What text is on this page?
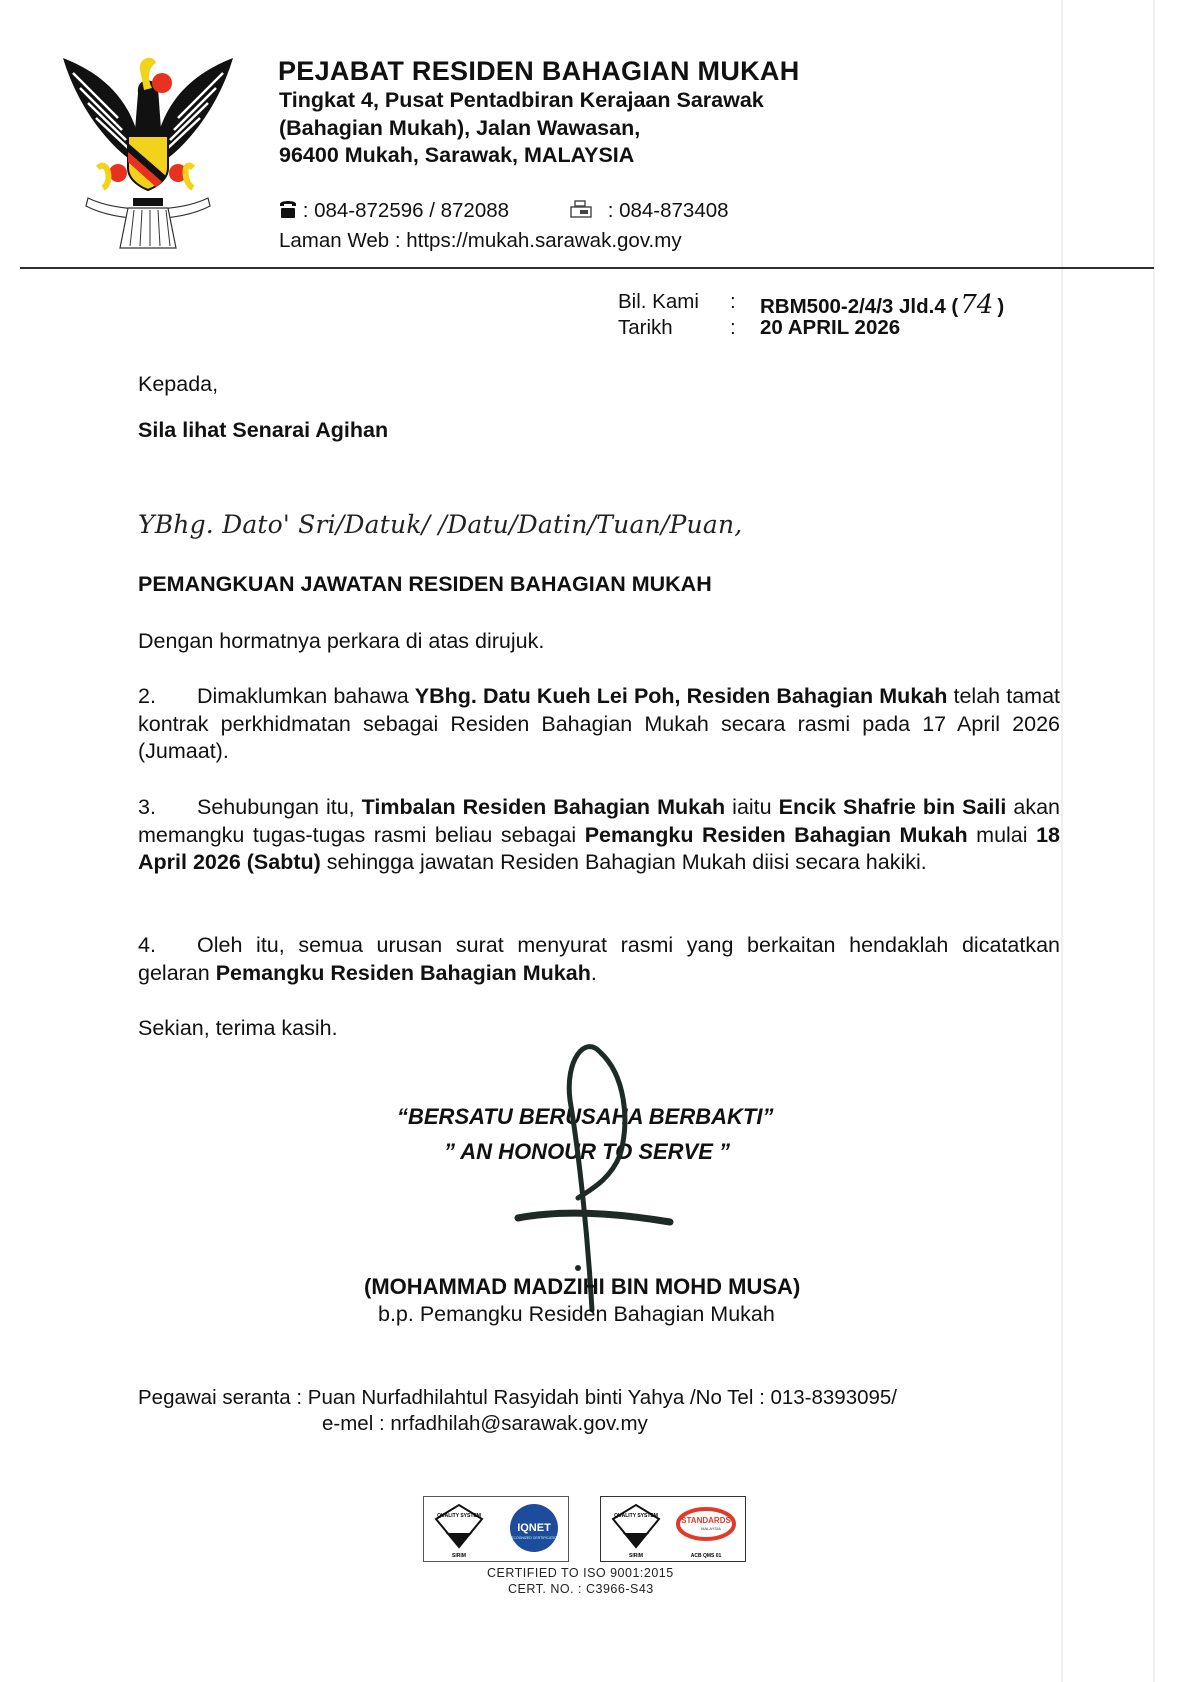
PEJABAT RESIDEN BAHAGIAN MUKAH
Tingkat 4, Pusat Pentadbiran Kerajaan Sarawak
(Bahagian Mukah), Jalan Wawasan,
96400 Mukah, Sarawak, MALAYSIA
: 084-872596 / 872088	: 084-873408
Laman Web : https://mukah.sarawak.gov.my
Bil. Kami : RBM500-2/4/3 Jld.4 (74 )
Tarikh	: 20 APRIL 2026
Kepada,
Sila lihat Senarai Agihan
YBhg. Dato' Sri/Datuk/ /Datu/Datin/Tuan/Puan,
PEMANGKUAN JAWATAN RESIDEN BAHAGIAN MUKAH
Dengan hormatnya perkara di atas dirujuk.
2. Dimaklumkan bahawa YBhg. Datu Kueh Lei Poh, Residen Bahagian Mukah telah tamat kontrak perkhidmatan sebagai Residen Bahagian Mukah secara rasmi pada 17 April 2026 (Jumaat).
3. Sehubungan itu, Timbalan Residen Bahagian Mukah iaitu Encik Shafrie bin Saili akan memangku tugas-tugas rasmi beliau sebagai Pemangku Residen Bahagian Mukah mulai 18 April 2026 (Sabtu) sehingga jawatan Residen Bahagian Mukah diisi secara hakiki.
4. Oleh itu, semua urusan surat menyurat rasmi yang berkaitan hendaklah dicatatkan gelaran Pemangku Residen Bahagian Mukah.
Sekian, terima kasih.
“BERSATU BERUSAHA BERBAKTI”
” AN HONOUR TO SERVE ”
(MOHAMMAD MADZIHI BIN MOHD MUSA)
b.p. Pemangku Residen Bahagian Mukah
Pegawai seranta : Puan Nurfadhilahtul Rasyidah binti Yahya /No Tel : 013-8393095/
e-mel : nrfadhilah@sarawak.gov.my
QUALITY SYSTEM
SIRIM
IQNET
RECOGNIZED CERTIFICATION
QUALITY SYSTEM
SIRIM
STANDARDS
MALAYSIA
ACB QMS 01
CERTIFIED TO ISO 9001:2015
CERT. NO. : C3966-S43
